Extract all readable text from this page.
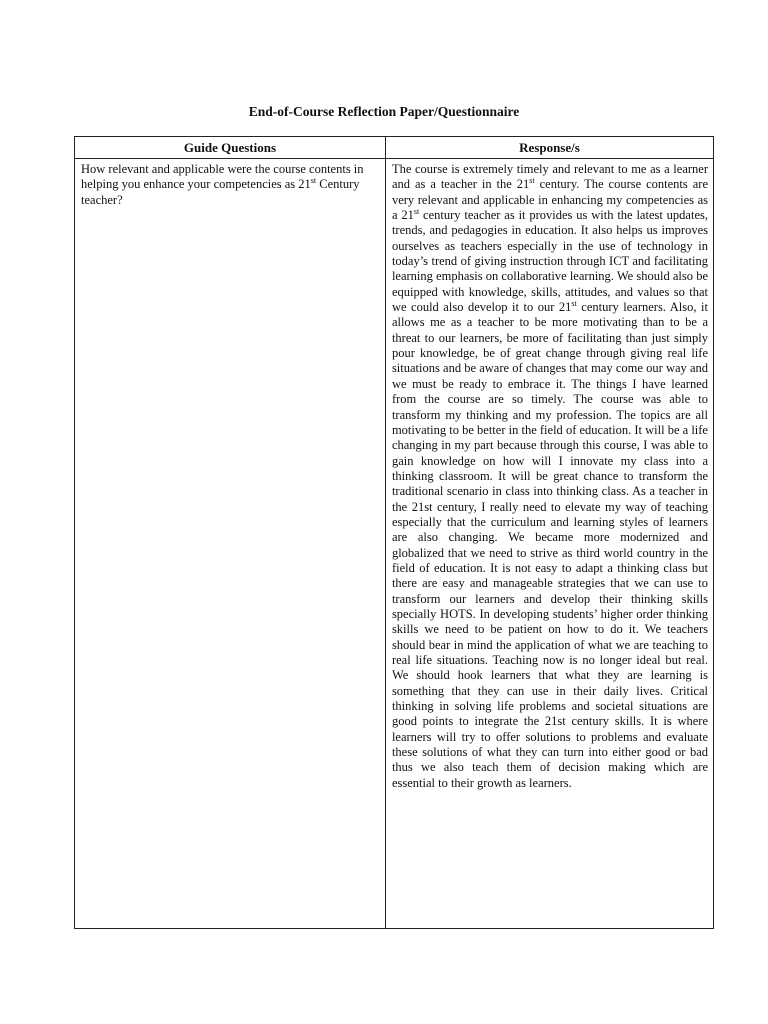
End-of-Course Reflection Paper/Questionnaire
Guide Questions	Response/s
How relevant and applicable were the course contents in helping you enhance your competencies as 21st Century teacher?	The course is extremely timely and relevant to me as a learner and as a teacher in the 21st century. The course contents are very relevant and applicable in enhancing my competencies as a 21st century teacher as it provides us with the latest updates, trends, and pedagogies in education. It also helps us improves ourselves as teachers especially in the use of technology in today’s trend of giving instruction through ICT and facilitating learning emphasis on collaborative learning. We should also be equipped with knowledge, skills, attitudes, and values so that we could also develop it to our 21st century learners. Also, it allows me as a teacher to be more motivating than to be a threat to our learners, be more of facilitating than just simply pour knowledge, be of great change through giving real life situations and be aware of changes that may come our way and we must be ready to embrace it. The things I have learned from the course are so timely. The course was able to transform my thinking and my profession. The topics are all motivating to be better in the field of education. It will be a life changing in my part because through this course, I was able to gain knowledge on how will I innovate my class into a thinking classroom. It will be great chance to transform the traditional scenario in class into thinking class. As a teacher in the 21st century, I really need to elevate my way of teaching especially that the curriculum and learning styles of learners are also changing. We became more modernized and globalized that we need to strive as third world country in the field of education. It is not easy to adapt a thinking class but there are easy and manageable strategies that we can use to transform our learners and develop their thinking skills specially HOTS. In developing students’ higher order thinking skills we need to be patient on how to do it. We teachers should bear in mind the application of what we are teaching to real life situations. Teaching now is no longer ideal but real. We should hook learners that what they are learning is something that they can use in their daily lives. Critical thinking in solving life problems and societal situations are good points to integrate the 21st century skills. It is where learners will try to offer solutions to problems and evaluate these solutions of what they can turn into either good or bad thus we also teach them of decision making which are essential to their growth as learners.
